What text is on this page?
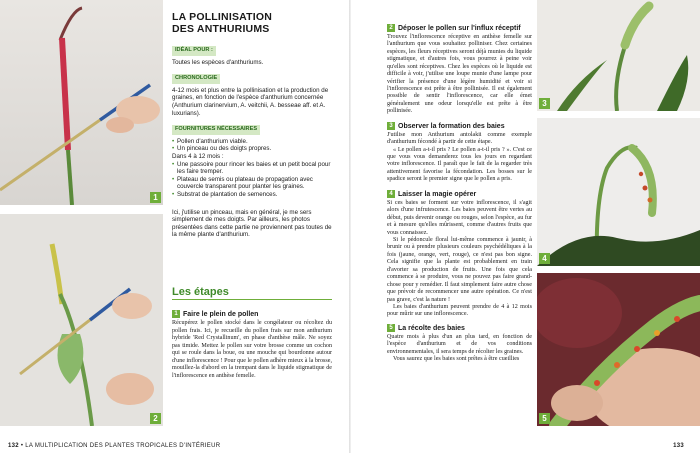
1
2
LA POLLINISATION
DES ANTHURIUMS
IDÉAL POUR :
Toutes les espèces d'anthuriums.
CHRONOLOGIE
4-12 mois et plus entre la pollinisation et la production de graines, en fonction de l'espèce d'anthurium concernée (Anthurium clarinervium, A. veitchii, A. besseae aff. et A. luxurians).
FOURNITURES NÉCESSAIRES
• Pollen d'anthurium viable.
• Un pinceau ou des doigts propres.
Dans 4 à 12 mois :
• Une passoire pour rincer les baies et un petit bocal pour les faire tremper.
• Plateau de semis ou plateau de propagation avec couvercle transparent pour planter les graines.
• Substrat de plantation de semences.
Ici, j'utilise un pinceau, mais en général, je me sers simplement de mes doigts. Par ailleurs, les photos présentées dans cette partie ne proviennent pas toutes de la même plante d'anthurium.
Les étapes
1 Faire le plein de pollen
Récupérez le pollen stocké dans le congélateur ou récoltez du pollen frais. Ici, je recueille du pollen frais sur mon anthurium hybride 'Red Crystallinum', en phase d'anthèse mâle. Ne soyez pas timide. Mettez le pollen sur votre brosse comme un cochon qui se roule dans la boue, ou une mouche qui bourdonne autour d'une inflorescence ! Pour que le pollen adhère mieux à la brosse, mouillez-la d'abord en la trempant dans le liquide stigmatique de l'inflorescence en anthèse femelle.
132 • LA MULTIPLICATION DES PLANTES TROPICALES D'INTÉRIEUR
2 Déposer le pollen sur l'influx réceptif
Trouvez l'inflorescence réceptive en anthèse femelle sur l'anthurium que vous souhaitez polliniser. Chez certaines espèces, les fleurs réceptives seront déjà munies du liquide stigmatique, et d'autres fois, vous pourrez à peine voir qu'elles sont réceptives. Chez les espèces où le liquide est difficile à voir, j'utilise une loupe munie d'une lampe pour vérifier la présence d'une légère humidité et voir si l'inflorescence est prête à être pollinisée. Il est également possible de sentir l'inflorescence, car elle émet généralement une odeur lorsqu'elle est prête à être pollinisée.
3 Observer la formation des baies
J'utilise mon Anthurium antolakii comme exemple d'anthurium fécondé à partir de cette étape.
« Le pollen a-t-il pris ? Le pollen a-t-il pris ? ». C'est ce que vous vous demanderez tous les jours en regardant votre inflorescence. Il paraît que le fait de la regarder très attentivement favorise la fécondation. Les bosses sur le spadice seront le premier signe que le pollen a pris.
4 Laisser la magie opérer
Si ces baies se forment sur votre inflorescence, il s'agit alors d'une infrutescence. Les baies peuvent être vertes au début, puis devenir orange ou rouges, selon l'espèce, au fur et à mesure qu'elles mûrissent, comme d'autres fruits que vous connaissez.
Si le pédoncule floral lui-même commence à jaunir, à brunir ou à prendre plusieurs couleurs psychédéliques à la fois (jaune, orange, vert, rouge), ce n'est pas bon signe. Cela signifie que la plante est probablement en train d'avorter sa production de fruits. Une fois que cela commence à se produire, vous ne pouvez pas faire grand-chose pour y remédier. Il faut simplement faire autre chose que prévoir de recommencer une autre opération. Ce n'est pas grave, c'est la nature !
Les baies d'anthurium peuvent prendre de 4 à 12 mois pour mûrir sur une inflorescence.
5 La récolte des baies
Quatre mois à plus d'un an plus tard, en fonction de l'espèce d'anthurium et de vos conditions environnementales, il sera temps de récolter les graines.
Vous saurez que les baies sont prêtes à être cueillies
3
4
5
133
